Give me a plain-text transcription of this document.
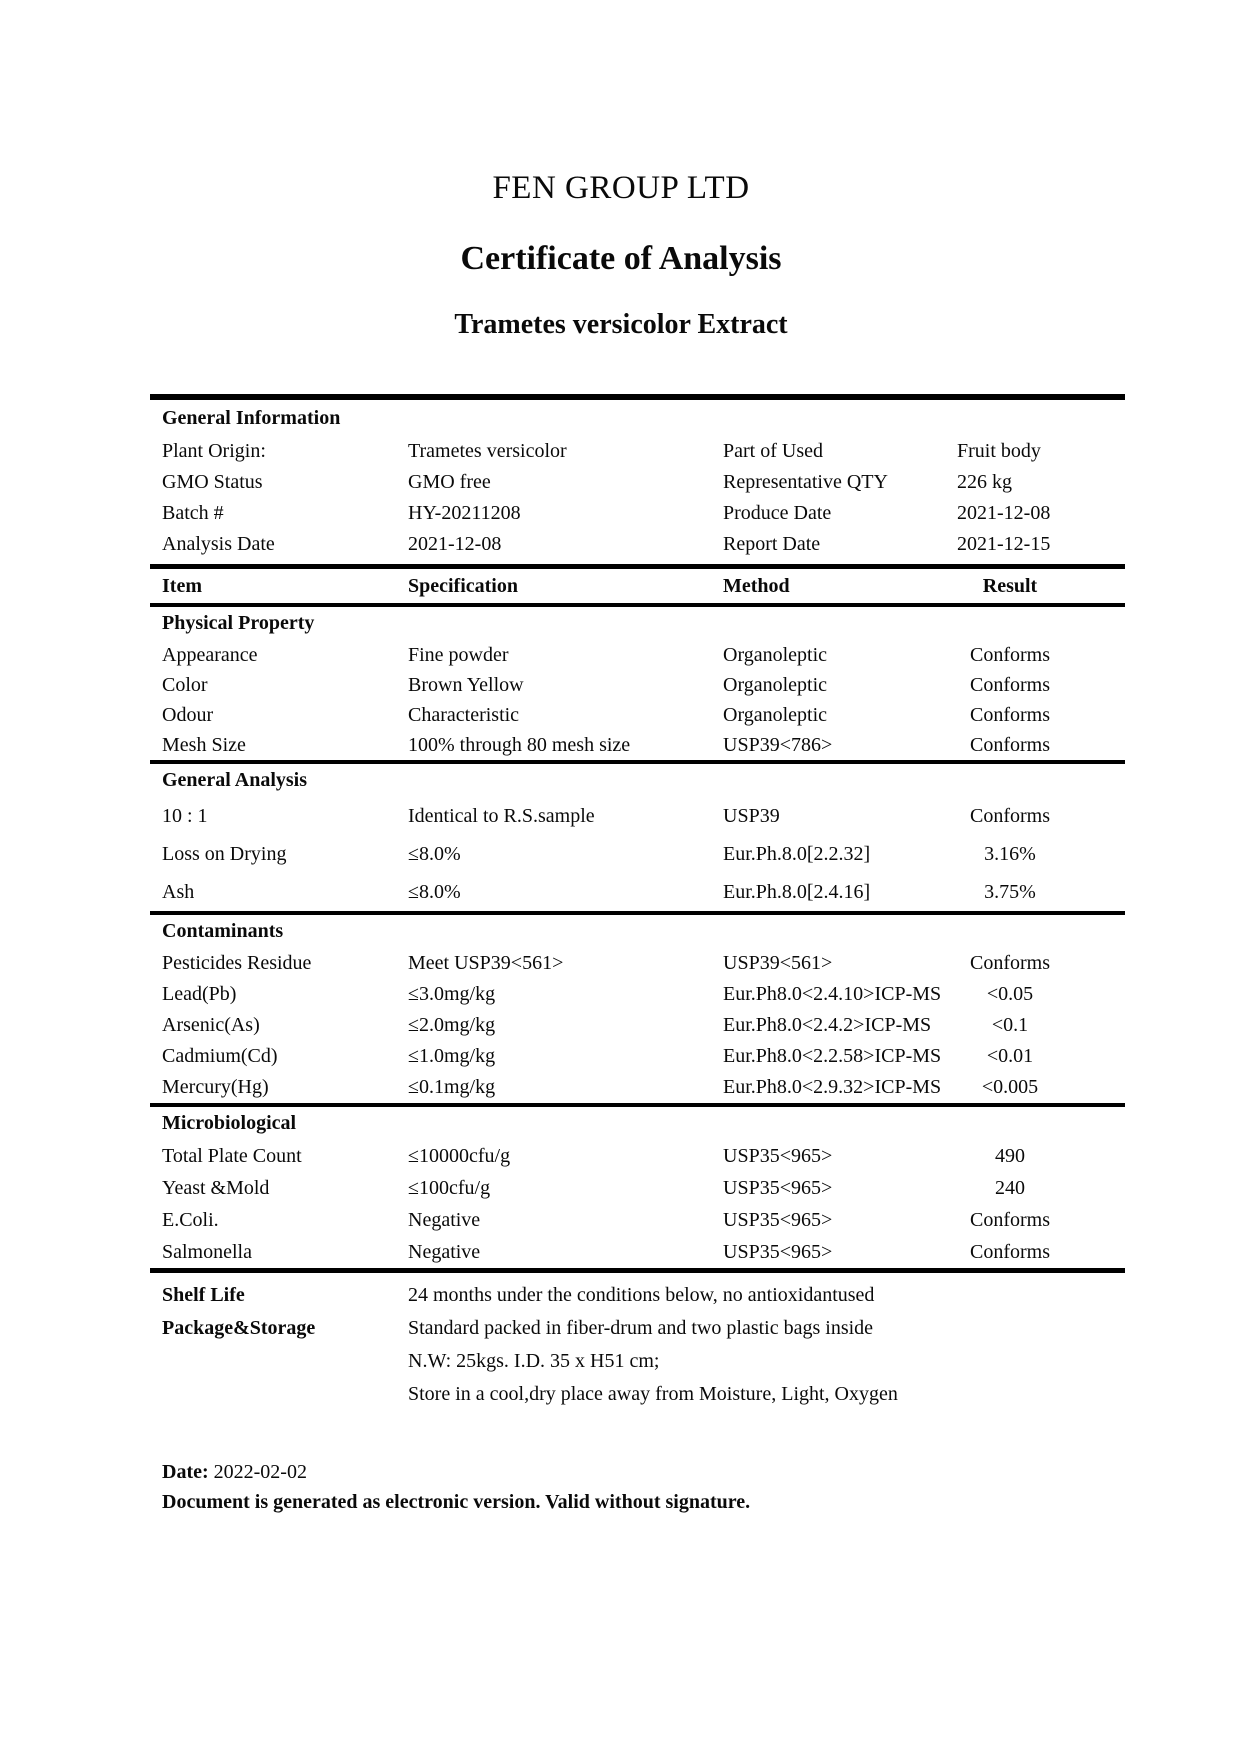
FEN GROUP LTD
Certificate of Analysis
Trametes versicolor Extract
General Information
Plant Origin:	Trametes versicolor	Part of Used	Fruit body
GMO Status	GMO free	Representative QTY	226 kg
Batch #	HY-20211208	Produce Date	2021-12-08
Analysis Date	2021-12-08	Report Date	2021-12-15
Item	Specification	Method	Result
Physical Property
Appearance	Fine powder	Organoleptic	Conforms
Color	Brown Yellow	Organoleptic	Conforms
Odour	Characteristic	Organoleptic	Conforms
Mesh Size	100% through 80 mesh size	USP39<786>	Conforms
General Analysis
10 : 1	Identical to R.S.sample	USP39	Conforms
Loss on Drying	≤8.0%	Eur.Ph.8.0[2.2.32]	3.16%
Ash	≤8.0%	Eur.Ph.8.0[2.4.16]	3.75%
Contaminants
Pesticides Residue	Meet USP39<561>	USP39<561>	Conforms
Lead(Pb)	≤3.0mg/kg	Eur.Ph8.0<2.4.10>ICP-MS	<0.05
Arsenic(As)	≤2.0mg/kg	Eur.Ph8.0<2.4.2>ICP-MS	<0.1
Cadmium(Cd)	≤1.0mg/kg	Eur.Ph8.0<2.2.58>ICP-MS	<0.01
Mercury(Hg)	≤0.1mg/kg	Eur.Ph8.0<2.9.32>ICP-MS	<0.005
Microbiological
Total Plate Count	≤10000cfu/g	USP35<965>	490
Yeast &Mold	≤100cfu/g	USP35<965>	240
E.Coli.	Negative	USP35<965>	Conforms
Salmonella	Negative	USP35<965>	Conforms
Shelf Life	24 months under the conditions below, no antioxidantused
Package&Storage	Standard packed in fiber-drum and two plastic bags inside
N.W: 25kgs. I.D. 35 x H51 cm;
Store in a cool,dry place away from Moisture, Light, Oxygen
Date: 2022-02-02
Document is generated as electronic version. Valid without signature.
